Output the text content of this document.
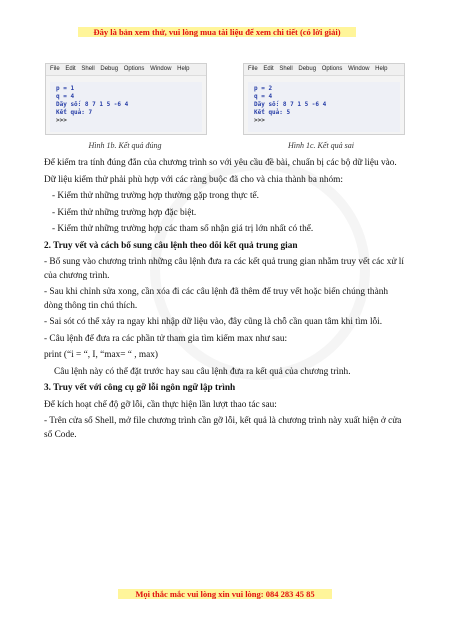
Đây là bản xem thử, vui lòng mua tài liệu để xem chi tiết (có lời giải)
File Edit Shell Debug Options Window Help
p = 1
q = 4
Dãy số: 8 7 1 5 -6 4
Kết quả: 7
>>>
File Edit Shell Debug Options Window Help
p = 2
q = 4
Dãy số: 8 7 1 5 -6 4
Kết quả: 5
>>>
Hình 1b. Kết quả đúng	Hình 1c. Kết quả sai

Để kiểm tra tính đúng đắn của chương trình so với yêu cầu đề bài, chuẩn bị các bộ dữ liệu vào.

Dữ liệu kiểm thử phải phù hợp với các ràng buộc đã cho và chia thành ba nhóm:

- Kiểm thử những trường hợp thường gặp trong thực tế.

- Kiểm thử những trường hợp đặc biệt.

- Kiểm thử những trường hợp các tham số nhận giá trị lớn nhất có thể.

2. Truy vết và cách bổ sung câu lệnh theo dõi kết quả trung gian

- Bổ sung vào chương trình những câu lệnh đưa ra các kết quả trung gian nhằm truy vết các xử lí của chương trình.

- Sau khi chỉnh sửa xong, cần xóa đi các câu lệnh đã thêm để truy vết hoặc biến chúng thành dòng thông tin chú thích.

- Sai sót có thể xảy ra ngay khi nhập dữ liệu vào, đây cũng là chỗ cần quan tâm khi tìm lỗi.

- Câu lệnh để đưa ra các phần tử tham gia tìm kiếm max như sau:

print (“i = “, I, “max= “ , max)

Câu lệnh này có thể đặt trước hay sau câu lệnh đưa ra kết quả của chương trình.

3. Truy vết với công cụ gỡ lỗi ngôn ngữ lập trình

Để kích hoạt chế độ gỡ lỗi, cần thực hiện lần lượt thao tác sau:

- Trên cửa sổ Shell, mở file chương trình cần gỡ lỗi, kết quả là chương trình này xuất hiện ở cửa sổ Code.

Mọi thắc mắc vui lòng xin vui lòng: 084 283 45 85
